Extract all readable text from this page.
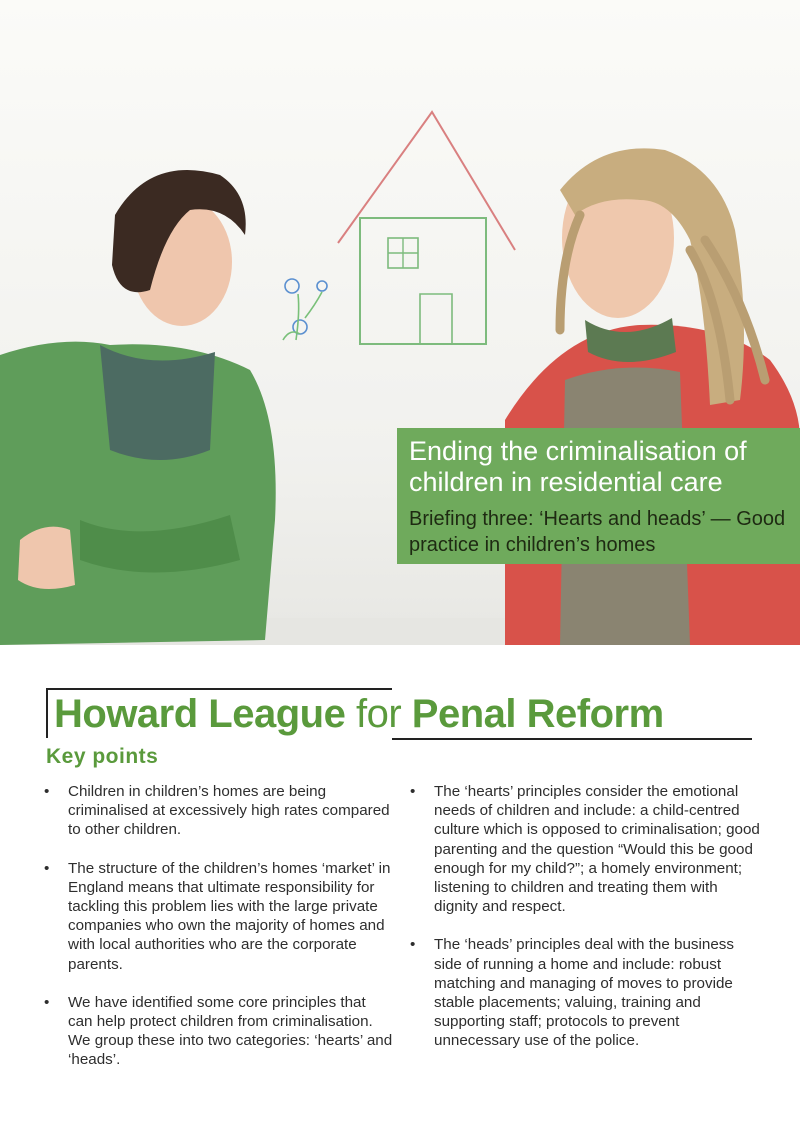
Ending the criminalisation of children in residential care

Briefing three: ‘Hearts and heads’ — Good practice in children’s homes

Howard League for Penal Reform
Key points
• Children in children’s homes are being criminalised at excessively high rates compared to other children.
• The structure of the children’s homes ‘market’ in England means that ultimate responsibility for tackling this problem lies with the large private companies who own the majority of homes and with local authorities who are the corporate parents.
• We have identified some core principles that can help protect children from criminalisation. We group these into two categories: ‘hearts’ and ‘heads’.
• The ‘hearts’ principles consider the emotional needs of children and include: a child-centred culture which is opposed to criminalisation; good parenting and the question “Would this be good enough for my child?”; a homely environment; listening to children and treating them with dignity and respect.
• The ‘heads’ principles deal with the business side of running a home and include: robust matching and managing of moves to provide stable placements; valuing, training and supporting staff; protocols to prevent unnecessary use of the police.
